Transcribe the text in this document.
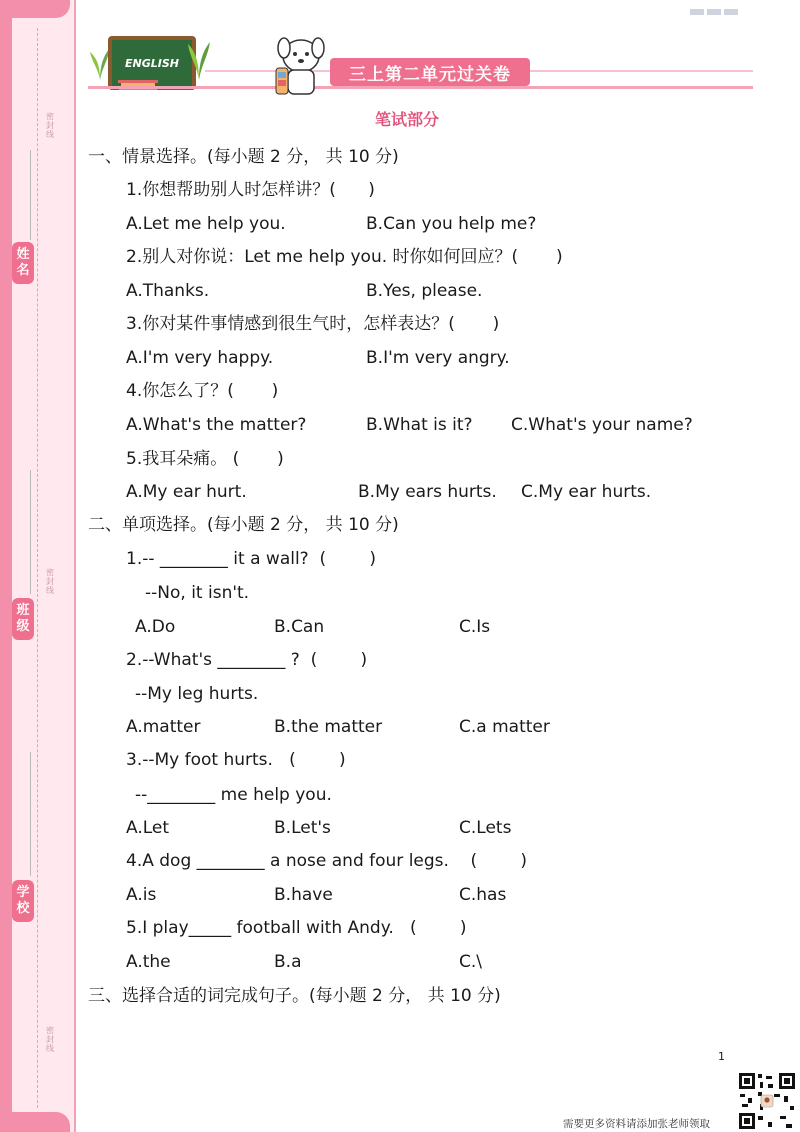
密封线
密封线
密封线
姓名
班级
学校
ENGLISH
三上第二单元过关卷
笔试部分
一、情景选择。(每小题 2 分， 共 10 分)
1.你想帮助别人时怎样讲？(      )
A.Let me help you.	B.Can you help me?
2.别人对你说：Let me help you. 时你如何回应？(       )
A.Thanks.	B.Yes, please.
3.你对某件事情感到很生气时，怎样表达？(       )
A.I'm very happy.	B.I'm very angry.
4.你怎么了？(       )
A.What's the matter?	B.What is it? C.What's your name?
5.我耳朵痛。 (       )
A.My ear hurt.	B.My ears hurts. C.My ear hurts.
二、单项选择。(每小题 2 分， 共 10 分)
1.-- ________ it a wall?  (        )
--No, it isn't.
A.Do	B.Can	C.Is
2.--What's ________ ?  (        )
--My leg hurts.
A.matter	B.the matter	C.a matter
3.--My foot hurts.   (        )
--________ me help you.
A.Let	B.Let's	C.Lets
4.A dog ________ a nose and four legs.    (        )
A.is	B.have	C.has
5.I play_____ football with Andy.   (        )
A.the	B.a	C.\
三、选择合适的词完成句子。(每小题 2 分， 共 10 分)
1
需要更多资料请添加张老师领取
